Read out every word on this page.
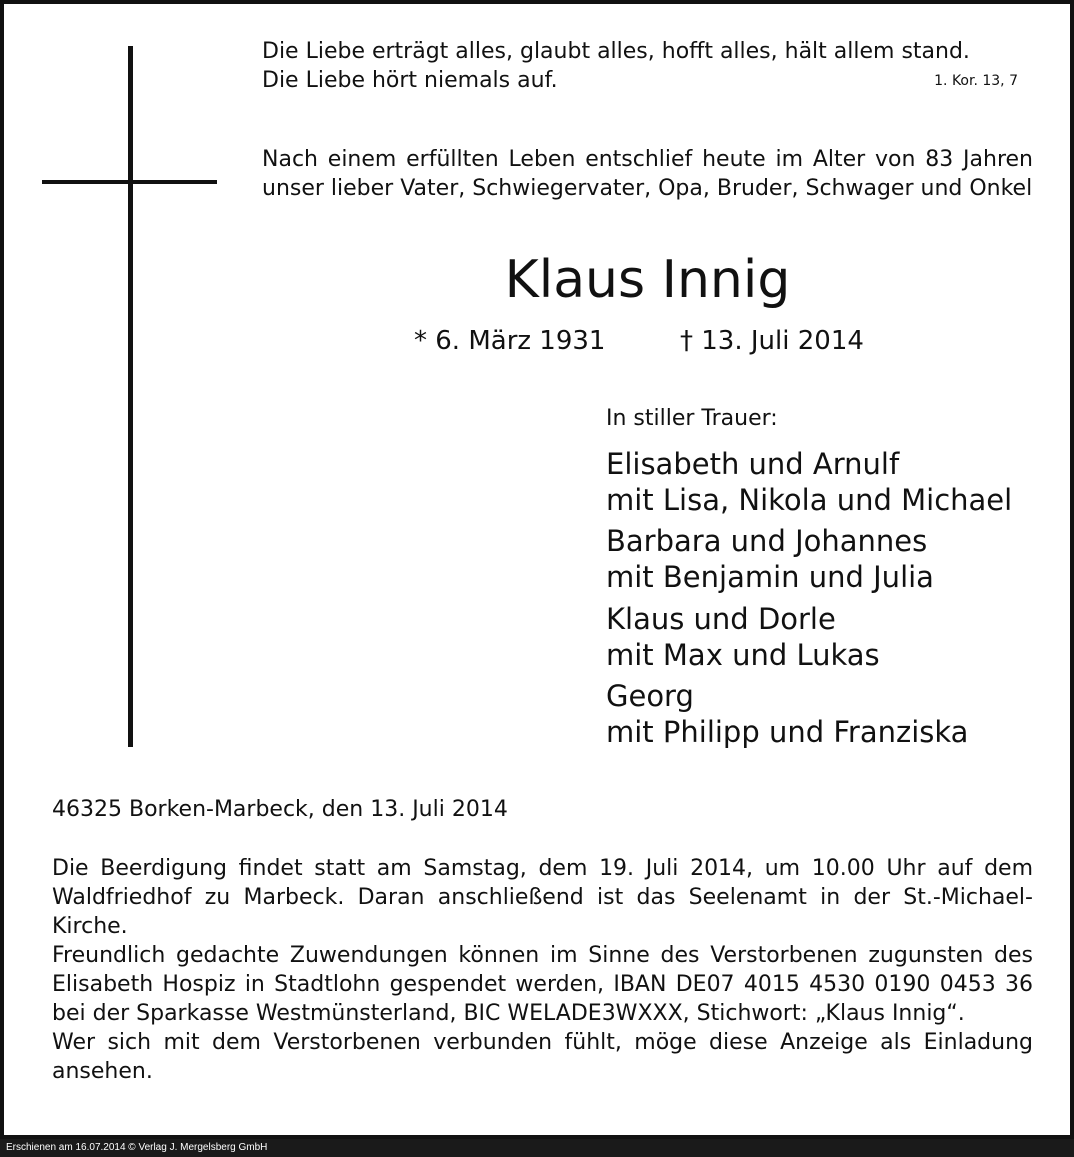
Die Liebe erträgt alles, glaubt alles, hofft alles, hält allem stand.
Die Liebe hört niemals auf.	1. Kor. 13, 7
Nach einem erfüllten Leben entschlief heute im Alter von 83 Jahren unser lieber Vater, Schwiegervater, Opa, Bruder, Schwager und Onkel
Klaus Innig
* 6. März 1931	† 13. Juli 2014
In stiller Trauer:
Elisabeth und Arnulf
mit Lisa, Nikola und Michael
Barbara und Johannes
mit Benjamin und Julia
Klaus und Dorle
mit Max und Lukas
Georg
mit Philipp und Franziska
46325 Borken-Marbeck, den 13. Juli 2014

Die Beerdigung findet statt am Samstag, dem 19. Juli 2014, um 10.00 Uhr auf dem Waldfriedhof zu Marbeck. Daran anschließend ist das Seelenamt in der St.-Michael-Kirche.

Freundlich gedachte Zuwendungen können im Sinne des Verstorbenen zugunsten des Elisabeth Hospiz in Stadtlohn gespendet werden, IBAN DE07 4015 4530 0190 0453 36 bei der Sparkasse Westmünsterland, BIC WELADE3WXXX, Stichwort: „Klaus Innig“.

Wer sich mit dem Verstorbenen verbunden fühlt, möge diese Anzeige als Einladung ansehen.

Erschienen am 16.07.2014 © Verlag J. Mergelsberg GmbH
